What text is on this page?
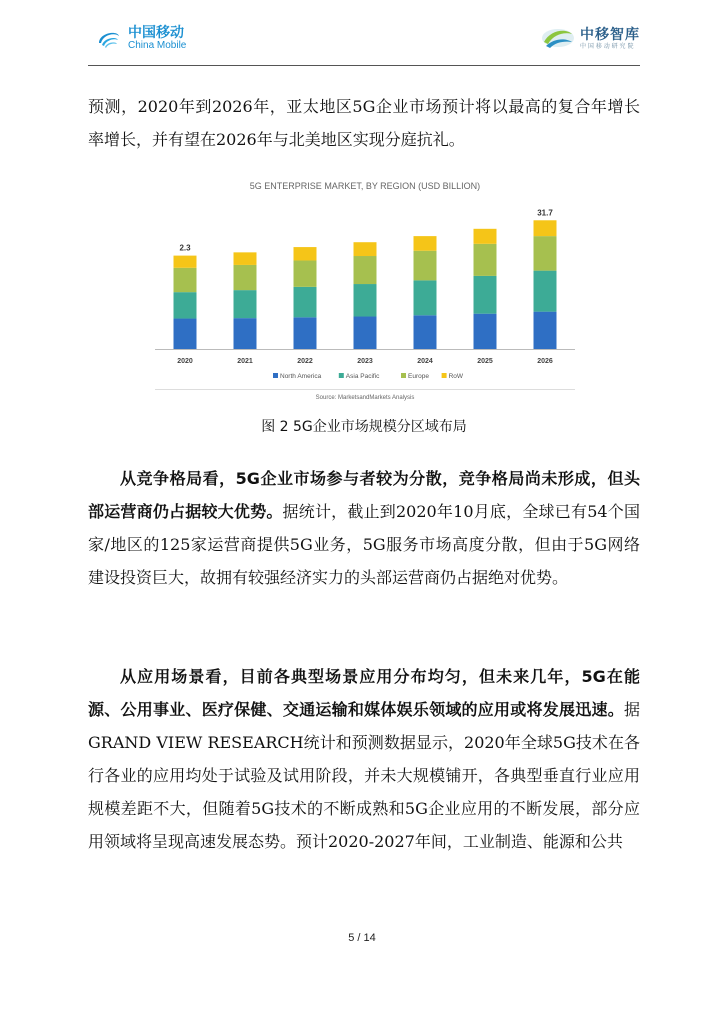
中国移动
China Mobile
中移智库
中 国 移 动 研 究 院

预测，2020年到2026年，亚太地区5G企业市场预计将以最高的复合年增长率增长，并有望在2026年与北美地区实现分庭抗礼。

5G ENTERPRISE MARKET, BY REGION (USD BILLION)
2020
2.3
2021	2022	2023	2024	2025	2026
31.7
North America	Asia Pacific	Europe	RoW
Source: MarketsandMarkets Analysis
图 2 5G企业市场规模分区域布局

从竞争格局看，5G企业市场参与者较为分散，竞争格局尚未形成，但头部运营商仍占据较大优势。据统计，截止到2020年10月底，全球已有54个国家/地区的125家运营商提供5G业务，5G服务市场高度分散，但由于5G网络建设投资巨大，故拥有较强经济实力的头部运营商仍占据绝对优势。

从应用场景看，目前各典型场景应用分布均匀，但未来几年，5G在能源、公用事业、医疗保健、交通运输和媒体娱乐领域的应用或将发展迅速。据GRAND VIEW RESEARCH统计和预测数据显示，2020年全球5G技术在各行各业的应用均处于试验及试用阶段，并未大规模铺开，各典型垂直行业应用规模差距不大，但随着5G技术的不断成熟和5G企业应用的不断发展，部分应用领域将呈现高速发展态势。预计2020-2027年间，工业制造、能源和公共

5 / 14
